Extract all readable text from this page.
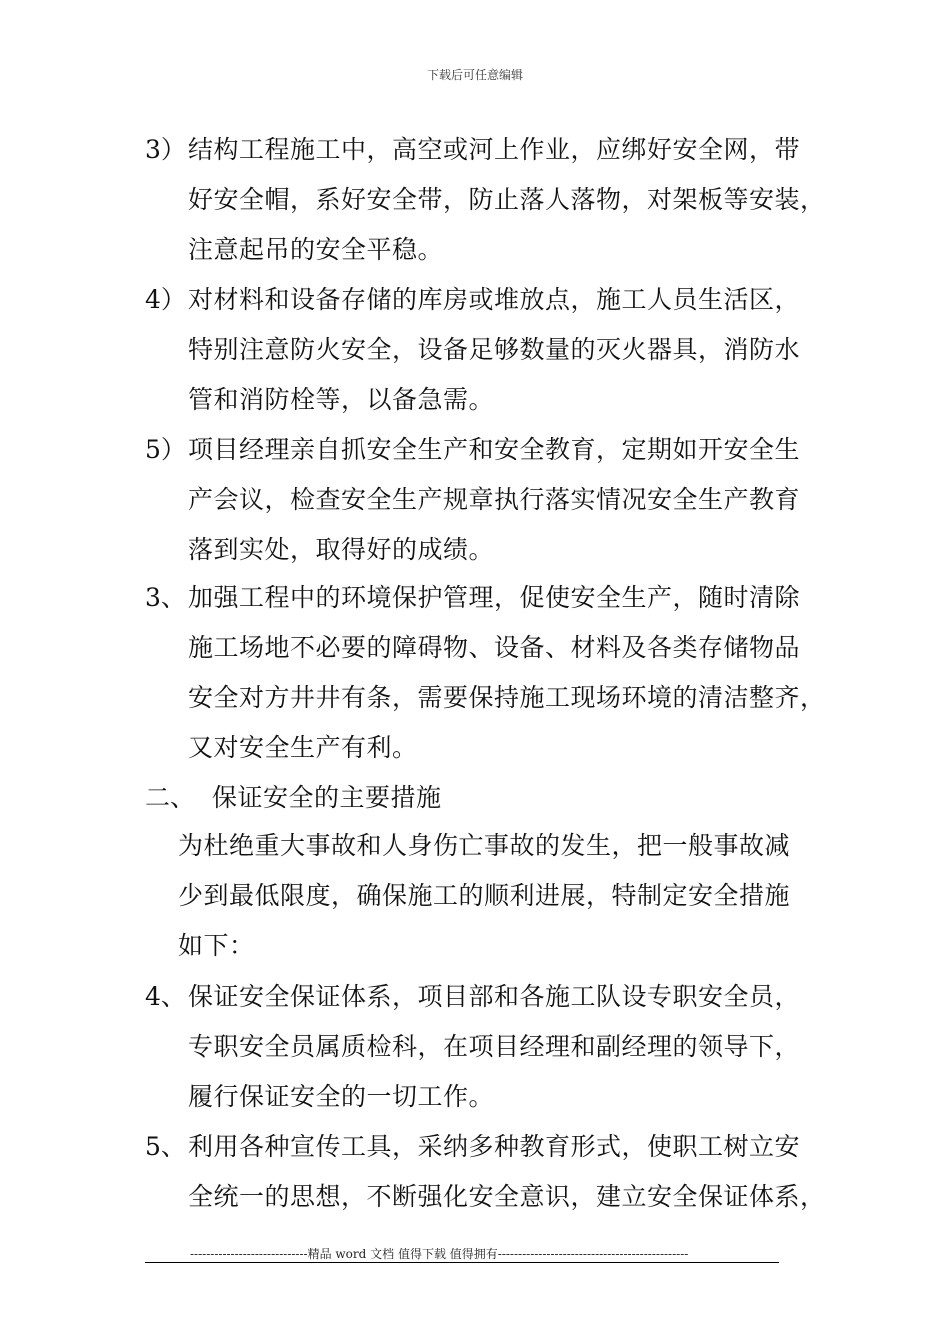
下载后可任意编辑
3） 结构工程施工中，高空或河上作业，应绑好安全网，带
好安全帽，系好安全带，防止落人落物，对架板等安装，
注意起吊的安全平稳。
4） 对材料和设备存储的库房或堆放点，施工人员生活区，
特别注意防火安全，设备足够数量的灭火器具，消防水
管和消防栓等，以备急需。
5） 项目经理亲自抓安全生产和安全教育，定期如开安全生
产会议，检查安全生产规章执行落实情况安全生产教育
落到实处，取得好的成绩。
3、 加强工程中的环境保护管理，促使安全生产，随时清除
施工场地不必要的障碍物、设备、材料及各类存储物品
安全对方井井有条，需要保持施工现场环境的清洁整齐，
又对安全生产有利。
二、 保证安全的主要措施
为杜绝重大事故和人身伤亡事故的发生，把一般事故减
少到最低限度，确保施工的顺利进展，特制定安全措施
如下：
4、 保证安全保证体系，项目部和各施工队设专职安全员，
专职安全员属质检科，在项目经理和副经理的领导下，
履行保证安全的一切工作。
5、 利用各种宣传工具，采纳多种教育形式，使职工树立安
全统一的思想，不断强化安全意识，建立安全保证体系，
-----------------------------精品 word 文档 值得下载 值得拥有-----------------------------------------------
